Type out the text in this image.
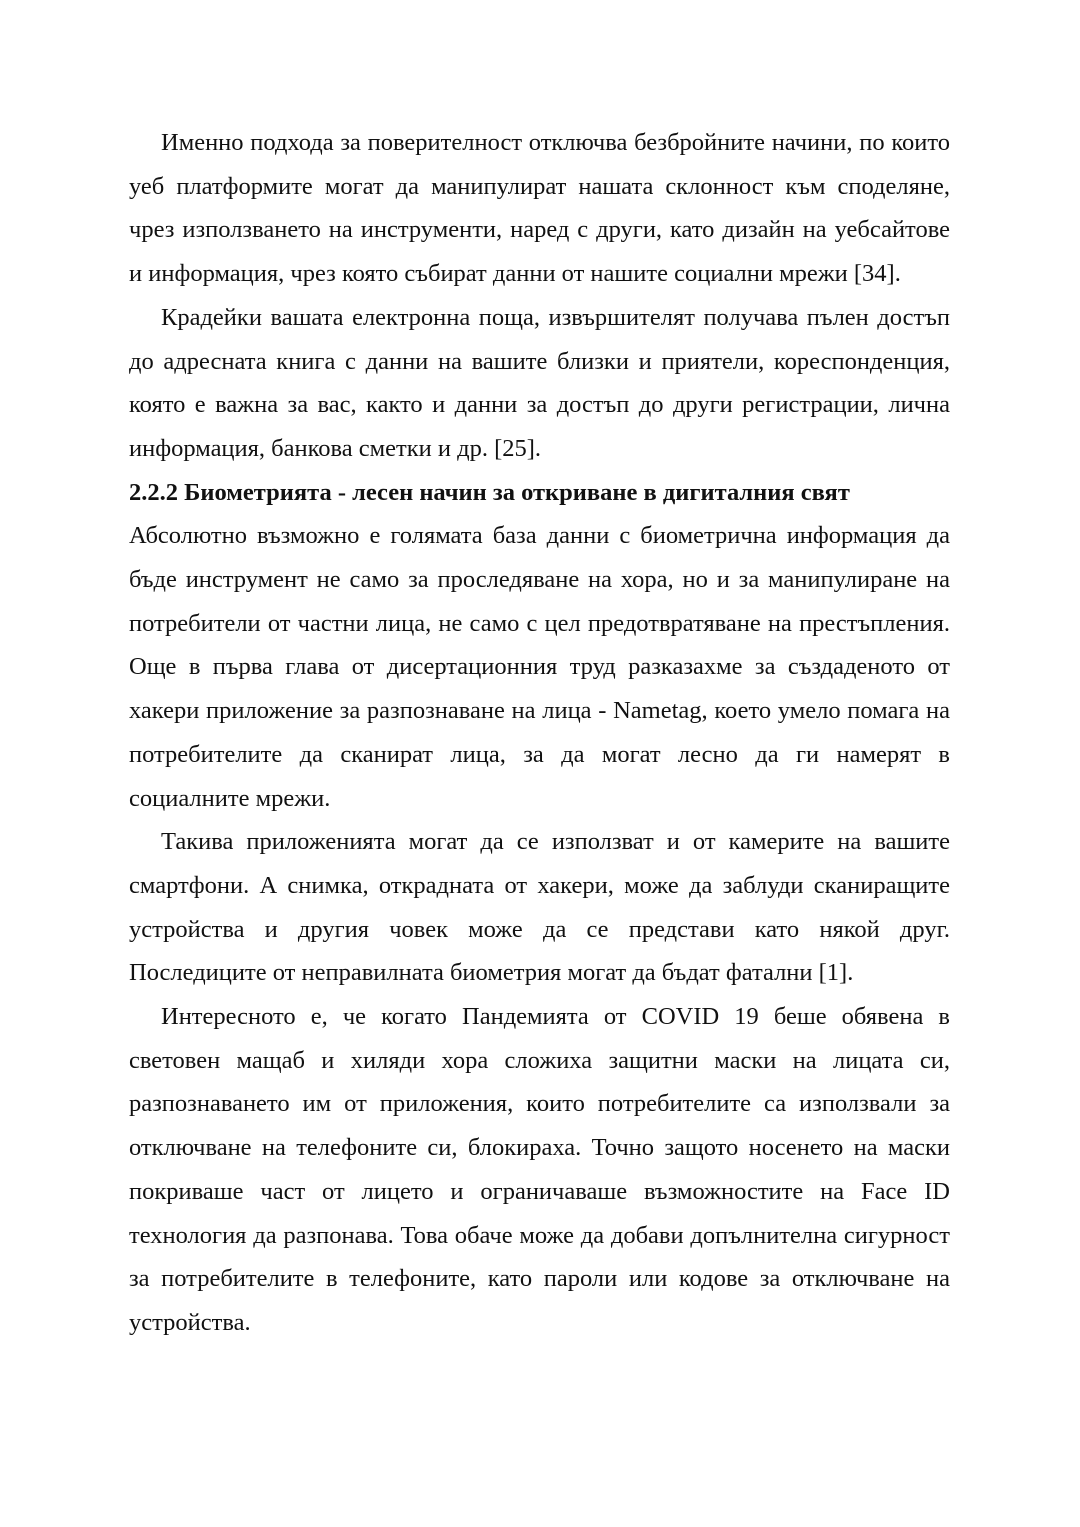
Именно подхода за поверителност отключва безбройните начини, по които уеб платформите могат да манипулират нашата склонност към споделяне, чрез използването на инструменти, наред с други, като дизайн на уебсайтове и информация, чрез която събират данни от нашите социални мрежи [34].

Крадейки вашата електронна поща, извършителят получава пълен достъп до адресната книга с данни на вашите близки и приятели, кореспонденция, която е важна за вас, както и данни за достъп до други регистрации, лична информация, банкова сметки и др. [25].

2.2.2 Биометрията - лесен начин за откриване в дигиталния свят

Абсолютно възможно е голямата база данни с биометрична информация да бъде инструмент не само за проследяване на хора, но и за манипулиране на потребители от частни лица, не само с цел предотвратяване на престъпления. Още в първа глава от дисертационния труд разказахме за създаденото от хакери приложение за разпознаване на лица - Nametag, което умело помага на потребителите да сканират лица, за да могат лесно да ги намерят в социалните мрежи.

Такива приложенията могат да се използват и от камерите на вашите смартфони. А снимка, открадната от хакери, може да заблуди сканиращите устройства и другия човек може да се представи като някой друг. Последиците от неправилната биометрия могат да бъдат фатални [1].

Интересното е, че когато Пандемията от COVID 19 беше обявена в световен мащаб и хиляди хора сложиха защитни маски на лицата си, разпознаването им от приложения, които потребителите са използвали за отключване на телефоните си, блокираха. Точно защото носенето на маски покриваше част от лицето и ограничаваше възможностите на Face ID технология да разпонава. Това обаче може да добави допълнителна сигурност за потребителите в телефоните, като пароли или кодове за отключване на устройства.
